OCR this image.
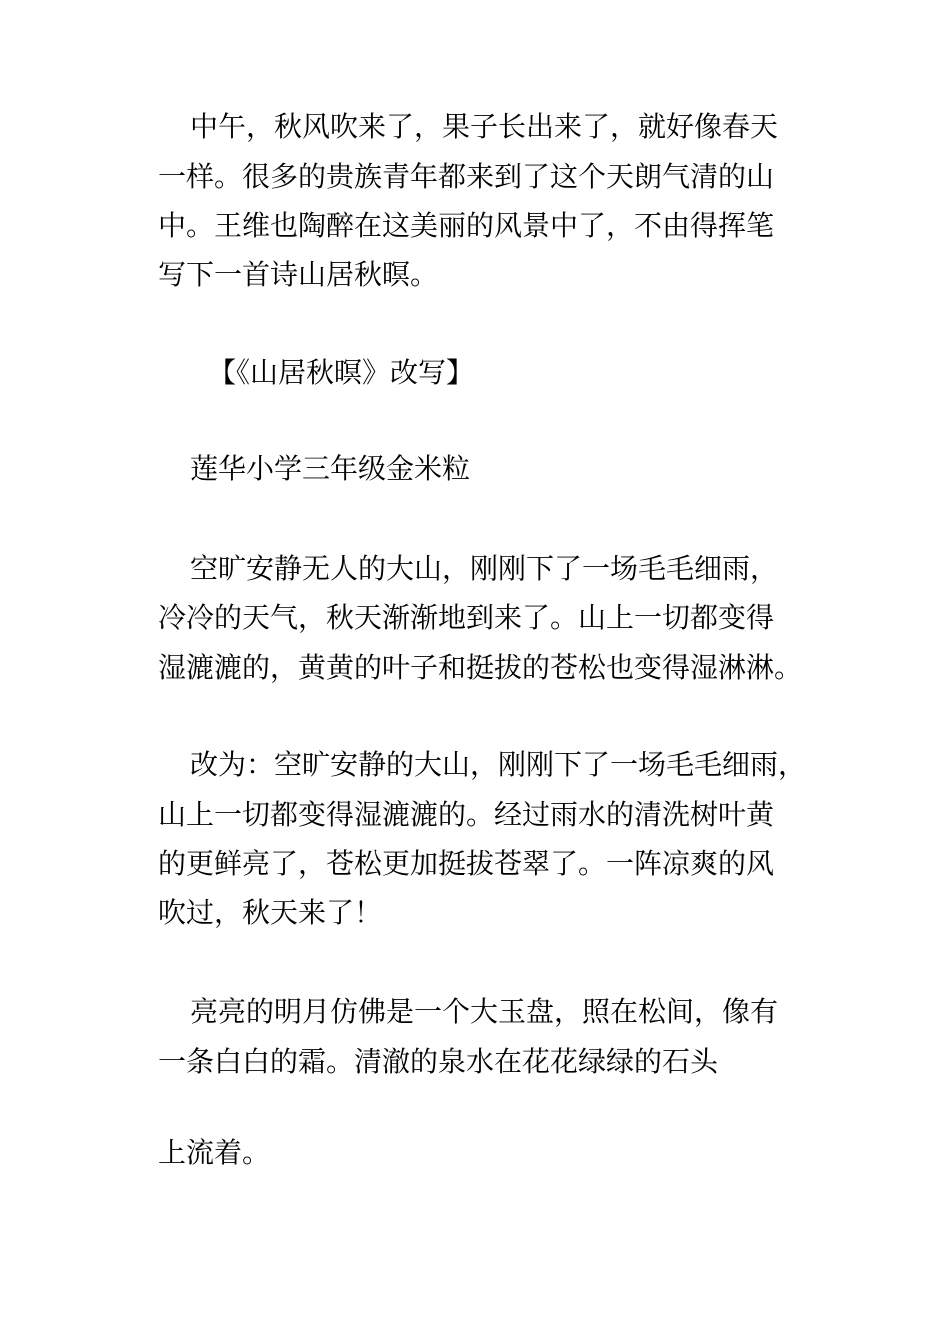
中午，秋风吹来了，果子长出来了，就好像春天
一样。很多的贵族青年都来到了这个天朗气清的山
中。王维也陶醉在这美丽的风景中了，不由得挥笔
写下一首诗山居秋暝。
【《山居秋暝》改写】
莲华小学三年级金米粒
空旷安静无人的大山，刚刚下了一场毛毛细雨，
冷冷的天气，秋天渐渐地到来了。山上一切都变得
湿漉漉的，黄黄的叶子和挺拔的苍松也变得湿淋淋。
改为：空旷安静的大山，刚刚下了一场毛毛细雨，
山上一切都变得湿漉漉的。经过雨水的清洗树叶黄
的更鲜亮了，苍松更加挺拔苍翠了。一阵凉爽的风
吹过，秋天来了！
亮亮的明月仿佛是一个大玉盘，照在松间，像有
一条白白的霜。清澈的泉水在花花绿绿的石头
上流着。
